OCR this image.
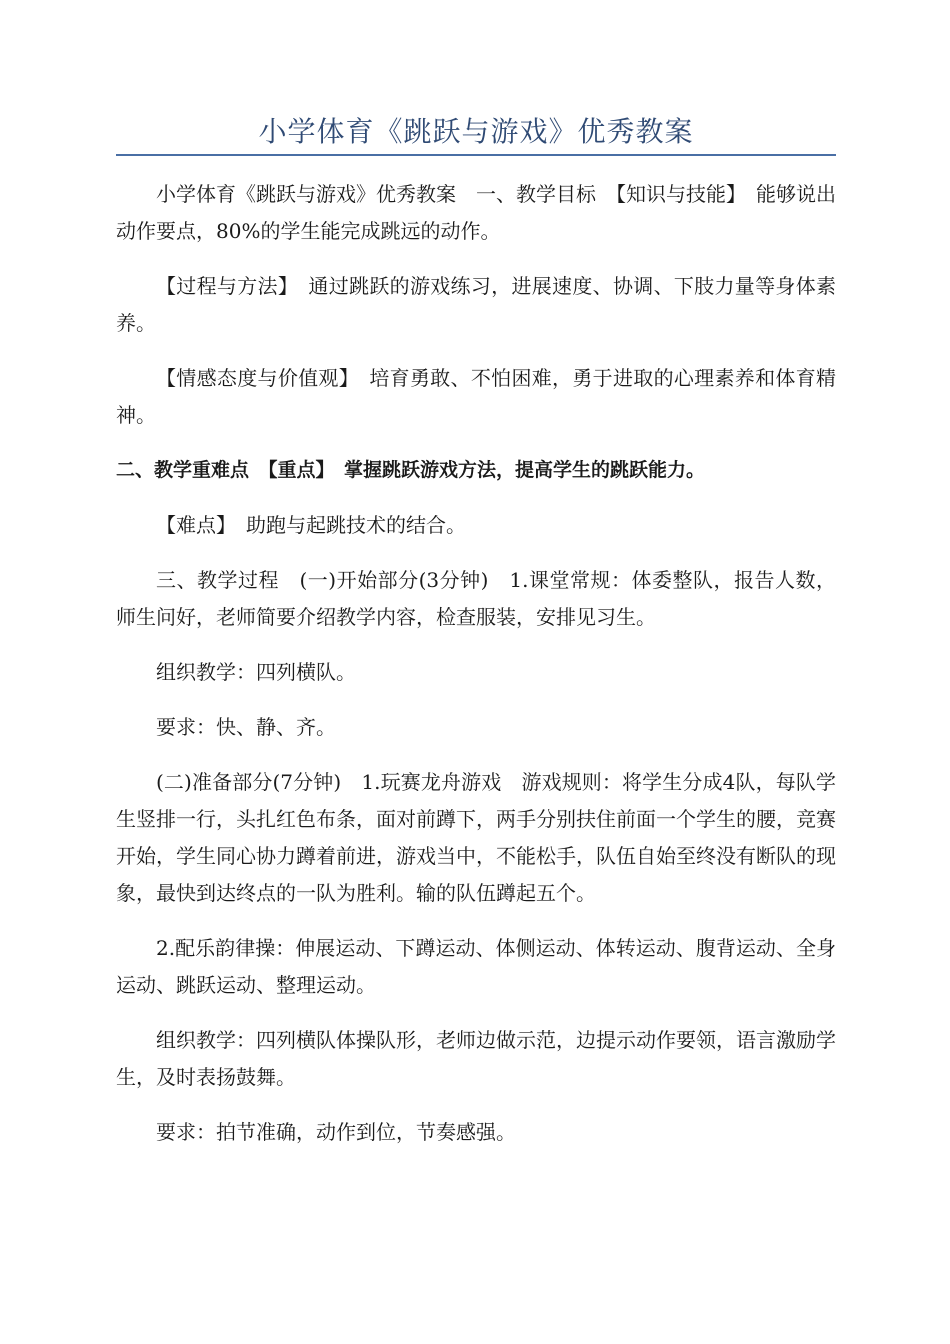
小学体育《跳跃与游戏》优秀教案

小学体育《跳跃与游戏》优秀教案　一、教学目标　【知识与技能】　能够说出动作要点，80%的学生能完成跳远的动作。

【过程与方法】　通过跳跃的游戏练习，进展速度、协调、下肢力量等身体素养。

【情感态度与价值观】　培育勇敢、不怕困难，勇于进取的心理素养和体育精神。

二、教学重难点　【重点】　掌握跳跃游戏方法，提高学生的跳跃能力。

【难点】　助跑与起跳技术的结合。

三、教学过程　(一)开始部分(3分钟)　1.课堂常规：体委整队，报告人数，师生问好，老师简要介绍教学内容，检查服装，安排见习生。

组织教学：四列横队。

要求：快、静、齐。

(二)准备部分(7分钟)　1.玩赛龙舟游戏　游戏规则：将学生分成4队，每队学生竖排一行，头扎红色布条，面对前蹲下，两手分别扶住前面一个学生的腰，竞赛开始，学生同心协力蹲着前进，游戏当中，不能松手，队伍自始至终没有断队的现象，最快到达终点的一队为胜利。输的队伍蹲起五个。

2.配乐韵律操：伸展运动、下蹲运动、体侧运动、体转运动、腹背运动、全身运动、跳跃运动、整理运动。

组织教学：四列横队体操队形，老师边做示范，边提示动作要领，语言激励学生，及时表扬鼓舞。

要求：拍节准确，动作到位，节奏感强。
